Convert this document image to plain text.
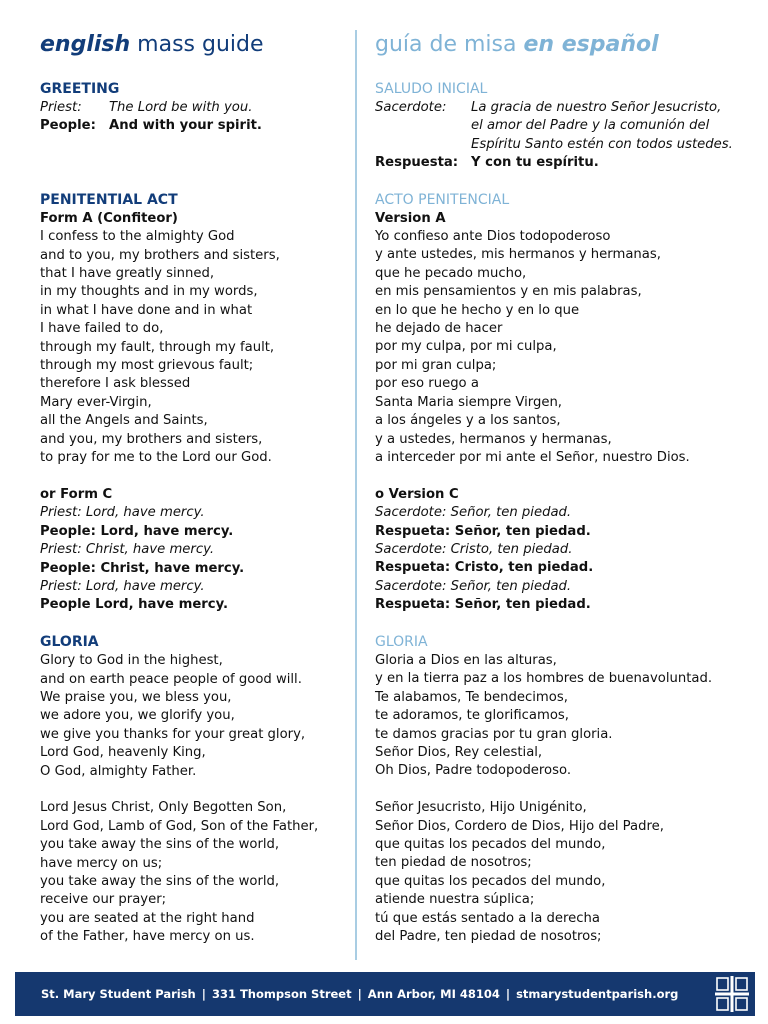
english mass guide
GREETING
Priest:	The Lord be with you.
People: And with your spirit.
PENITENTIAL ACT
Form A (Confiteor)
I confess to the almighty God
and to you, my brothers and sisters,
that I have greatly sinned,
in my thoughts and in my words,
in what I have done and in what
I have failed to do,
through my fault, through my fault,
through my most grievous fault;
therefore I ask blessed
Mary ever-Virgin,
all the Angels and Saints,
and you, my brothers and sisters,
to pray for me to the Lord our God.
or Form C
Priest: Lord, have mercy.
People: Lord, have mercy.
Priest: Christ, have mercy.
People: Christ, have mercy.
Priest: Lord, have mercy.
People Lord, have mercy.
GLORIA
Glory to God in the highest,
and on earth peace people of good will.
We praise you, we bless you,
we adore you, we glorify you,
we give you thanks for your great glory,
Lord God, heavenly King,
O God, almighty Father.
Lord Jesus Christ, Only Begotten Son,
Lord God, Lamb of God, Son of the Father,
you take away the sins of the world,
have mercy on us;
you take away the sins of the world,
receive our prayer;
you are seated at the right hand
of the Father, have mercy on us.
guía de misa en español
SALUDO INICIAL
Sacerdote:	La gracia de nuestro Señor Jesucristo,
el amor del Padre y la comunión del
Espíritu Santo estén con todos ustedes.
Respuesta: Y con tu espíritu.
ACTO PENITENCIAL
Version A
Yo confieso ante Dios todopoderoso
y ante ustedes, mis hermanos y hermanas,
que he pecado mucho,
en mis pensamientos y en mis palabras,
en lo que he hecho y en lo que
he dejado de hacer
por my culpa, por mi culpa,
por mi gran culpa;
por eso ruego a
Santa Maria siempre Virgen,
a los ángeles y a los santos,
y a ustedes, hermanos y hermanas,
a interceder por mi ante el Señor, nuestro Dios.
o Version C
Sacerdote: Señor, ten piedad.
Respueta: Señor, ten piedad.
Sacerdote: Cristo, ten piedad.
Respueta: Cristo, ten piedad.
Sacerdote: Señor, ten piedad.
Respueta: Señor, ten piedad.
GLORIA
Gloria a Dios en las alturas,
y en la tierra paz a los hombres de buenavoluntad.
Te alabamos, Te bendecimos,
te adoramos, te glorificamos,
te damos gracias por tu gran gloria.
Señor Dios, Rey celestial,
Oh Dios, Padre todopoderoso.
Señor Jesucristo, Hijo Unigénito,
Señor Dios, Cordero de Dios, Hijo del Padre,
que quitas los pecados del mundo,
ten piedad de nosotros;
que quitas los pecados del mundo,
atiende nuestra súplica;
tú que estás sentado a la derecha
del Padre, ten piedad de nosotros;
St. Mary Student Parish | 331 Thompson Street | Ann Arbor, MI 48104 | stmarystudentparish.org
